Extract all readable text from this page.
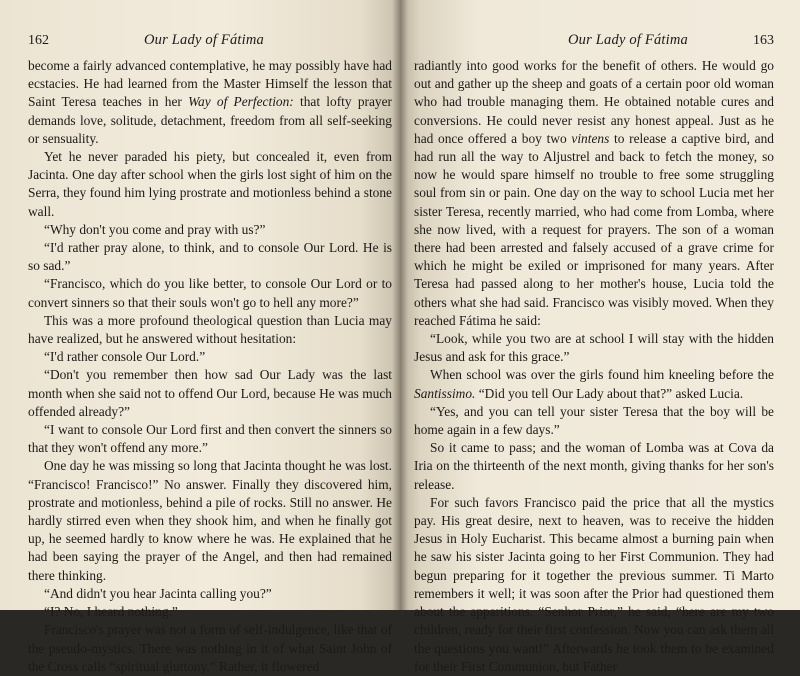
162	Our Lady of Fátima

become a fairly advanced contemplative, he may possibly have had ecstacies. He had learned from the Master Himself the lesson that Saint Teresa teaches in her Way of Perfection: that lofty prayer demands love, solitude, detachment, freedom from all self-seeking or sensuality.

Yet he never paraded his piety, but concealed it, even from Jacinta. One day after school when the girls lost sight of him on the Serra, they found him lying prostrate and motionless behind a stone wall.

“Why don't you come and pray with us?”

“I'd rather pray alone, to think, and to console Our Lord. He is so sad.”

“Francisco, which do you like better, to console Our Lord or to convert sinners so that their souls won't go to hell any more?”

This was a more profound theological question than Lucia may have realized, but he answered without hesitation:

“I'd rather console Our Lord.”

“Don't you remember then how sad Our Lady was the last month when she said not to offend Our Lord, because He was much offended already?”

“I want to console Our Lord first and then convert the sinners so that they won't offend any more.”

One day he was missing so long that Jacinta thought he was lost. “Francisco! Francisco!” No answer. Finally they discovered him, prostrate and motionless, behind a pile of rocks. Still no answer. He hardly stirred even when they shook him, and when he finally got up, he seemed hardly to know where he was. He explained that he had been saying the prayer of the Angel, and then had remained there thinking.

“And didn't you hear Jacinta calling you?”

“I? No, I heard nothing.”

Francisco's prayer was not a form of self-indulgence, like that of the pseudo-mystics. There was nothing in it of what Saint John of the Cross calls “spiritual gluttony.” Rather, it flowered

Our Lady of Fátima	163

radiantly into good works for the benefit of others. He would go out and gather up the sheep and goats of a certain poor old woman who had trouble managing them. He obtained notable cures and conversions. He could never resist any honest appeal. Just as he had once offered a boy two vintens to release a captive bird, and had run all the way to Aljustrel and back to fetch the money, so now he would spare himself no trouble to free some struggling soul from sin or pain. One day on the way to school Lucia met her sister Teresa, recently married, who had come from Lomba, where she now lived, with a request for prayers. The son of a woman there had been arrested and falsely accused of a grave crime for which he might be exiled or imprisoned for many years. After Teresa had passed along to her mother's house, Lucia told the others what she had said. Francisco was visibly moved. When they reached Fátima he said:

“Look, while you two are at school I will stay with the hidden Jesus and ask for this grace.”

When school was over the girls found him kneeling before the Santissimo. “Did you tell Our Lady about that?” asked Lucia.

“Yes, and you can tell your sister Teresa that the boy will be home again in a few days.”

So it came to pass; and the woman of Lomba was at Cova da Iria on the thirteenth of the next month, giving thanks for her son's release.

For such favors Francisco paid the price that all the mystics pay. His great desire, next to heaven, was to receive the hidden Jesus in Holy Eucharist. This became almost a burning pain when he saw his sister Jacinta going to her First Communion. They had begun preparing for it together the previous summer. Ti Marto remembers it well; it was soon after the Prior had questioned them about the apparitions. “Senhor Prior,” he said, “here are my two children, ready for their first confession. Now you can ask them all the questions you want!” Afterwards he took them to be examined for their First Communion, but Father
